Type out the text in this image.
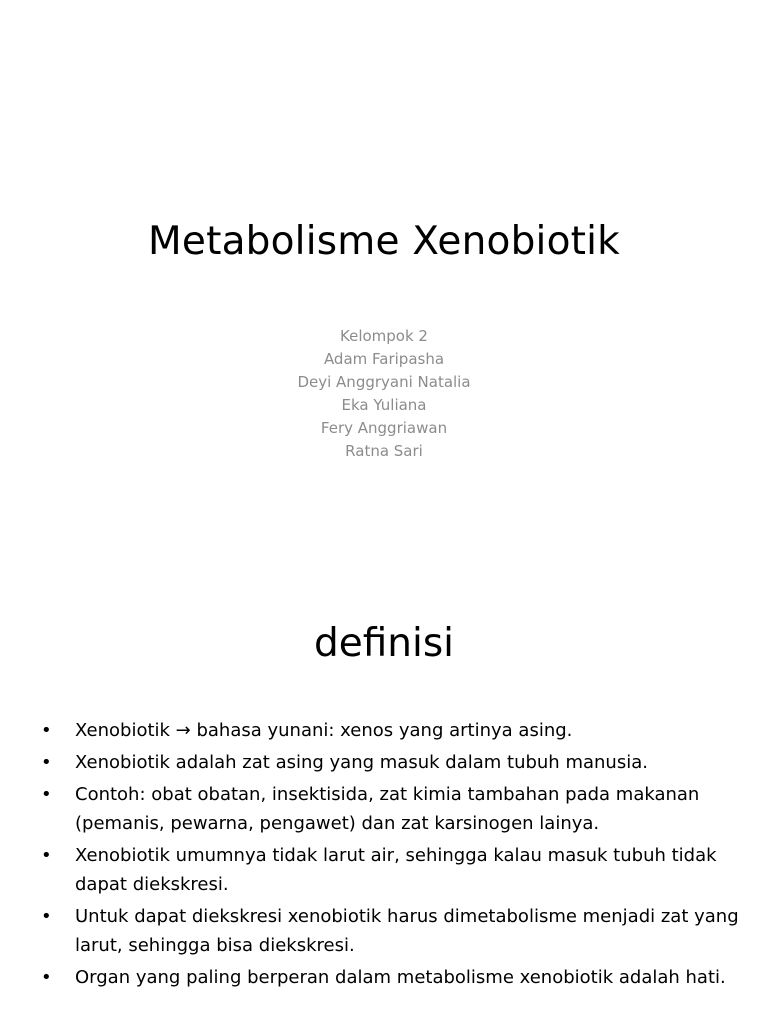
Metabolisme Xenobiotik
Kelompok 2
Adam Faripasha
Deyi Anggryani Natalia
Eka Yuliana
Fery Anggriawan
Ratna Sari
definisi
• Xenobiotik → bahasa yunani: xenos yang artinya asing.
• Xenobiotik adalah zat asing yang masuk dalam tubuh manusia.
• Contoh: obat obatan, insektisida, zat kimia tambahan pada makanan (pemanis, pewarna, pengawet) dan zat karsinogen lainya.
• Xenobiotik umumnya tidak larut air, sehingga kalau masuk tubuh tidak dapat diekskresi.
• Untuk dapat diekskresi xenobiotik harus dimetabolisme menjadi zat yang larut, sehingga bisa diekskresi.
• Organ yang paling berperan dalam metabolisme xenobiotik adalah hati.
